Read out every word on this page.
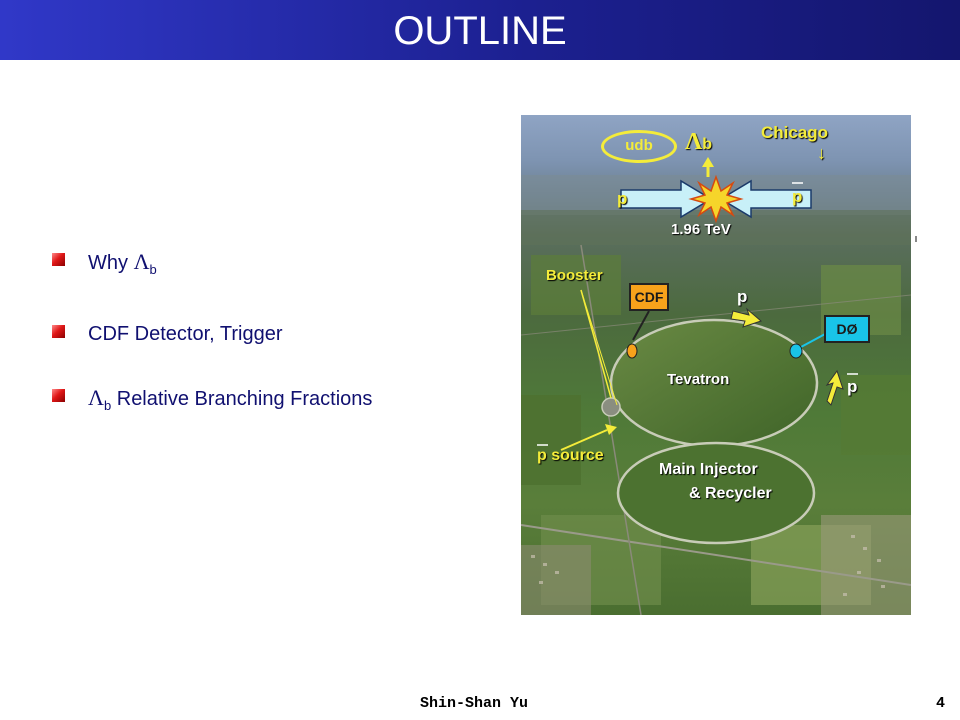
OUTLINE
Why $\Lambda_b$
CDF Detector, Trigger
$\Lambda_b$ Relative Branching Fractions
udb	Λb
Chicago
↓
p	p
1.96 TeV
Booster
CDF	p
DØ
Tevatron	p
p source
Main Injector
& Recycler
Shin-Shan Yu	4
